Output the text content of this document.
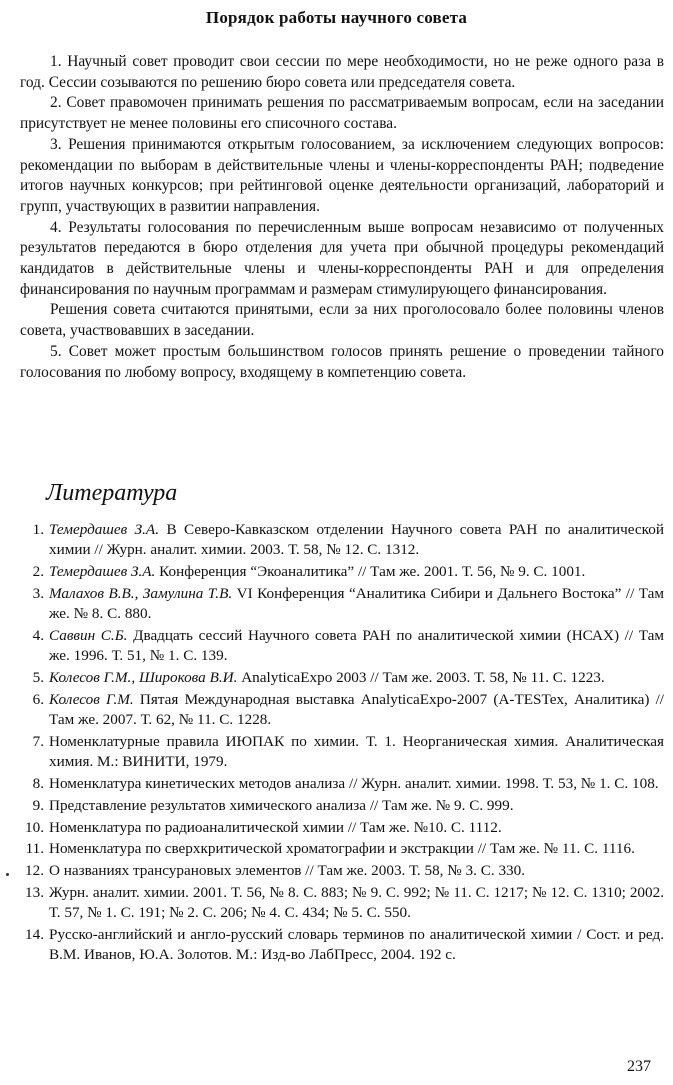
Порядок работы научного совета

1. Научный совет проводит свои сессии по мере необходимости, но не реже одного раза в год. Сессии созываются по решению бюро совета или председателя совета.

2. Совет правомочен принимать решения по рассматриваемым вопросам, если на заседании присутствует не менее половины его списочного состава.

3. Решения принимаются открытым голосованием, за исключением следующих вопросов: рекомендации по выборам в действительные члены и члены-корреспонденты РАН; подведение итогов научных конкурсов; при рейтинговой оценке деятельности организаций, лабораторий и групп, участвующих в развитии направления.

4. Результаты голосования по перечисленным выше вопросам независимо от полученных результатов передаются в бюро отделения для учета при обычной процедуры рекомендаций кандидатов в действительные члены и члены-корреспонденты РАН и для определения финансирования по научным программам и размерам стимулирующего финансирования.

Решения совета считаются принятыми, если за них проголосовало более половины членов совета, участвовавших в заседании.

5. Совет может простым большинством голосов принять решение о проведении тайного голосования по любому вопросу, входящему в компетенцию совета.

Литература
1. Темердашев З.А. В Северо-Кавказском отделении Научного совета РАН по аналитической химии // Журн. аналит. химии. 2003. Т. 58, № 12. С. 1312.
2. Темердашев З.А. Конференция “Экоаналитика” // Там же. 2001. Т. 56, № 9. С. 1001.
3. Малахов В.В., Замулина Т.В. VI Конференция “Аналитика Сибири и Дальнего Востока” // Там же. № 8. С. 880.
4. Саввин С.Б. Двадцать сессий Научного совета РАН по аналитической химии (НСАХ) // Там же. 1996. Т. 51, № 1. С. 139.
5. Колесов Г.М., Широкова В.И. AnalyticaExpo 2003 // Там же. 2003. Т. 58, № 11. С. 1223.
6. Колесов Г.М. Пятая Международная выставка AnalyticaExpo-2007 (A-TESTex, Аналитика) // Там же. 2007. Т. 62, № 11. С. 1228.
7. Номенклатурные правила ИЮПАК по химии. Т. 1. Неорганическая химия. Аналитическая химия. М.: ВИНИТИ, 1979.
8. Номенклатура кинетических методов анализа // Журн. аналит. химии. 1998. Т. 53, № 1. С. 108.
9. Представление результатов химического анализа // Там же. № 9. С. 999.
10. Номенклатура по радиоаналитической химии // Там же. №10. С. 1112.
11. Номенклатура по сверхкритической хроматографии и экстракции // Там же. № 11. С. 1116.
12. О названиях трансурановых элементов // Там же. 2003. Т. 58, № 3. С. 330.
13. Журн. аналит. химии. 2001. Т. 56, № 8. С. 883; № 9. С. 992; № 11. С. 1217; № 12. С. 1310; 2002. Т. 57, № 1. С. 191; № 2. С. 206; № 4. С. 434; № 5. С. 550.
14. Русско-английский и англо-русский словарь терминов по аналитической химии / Сост. и ред. В.М. Иванов, Ю.А. Золотов. М.: Изд-во ЛабПресс, 2004. 192 с.
237
